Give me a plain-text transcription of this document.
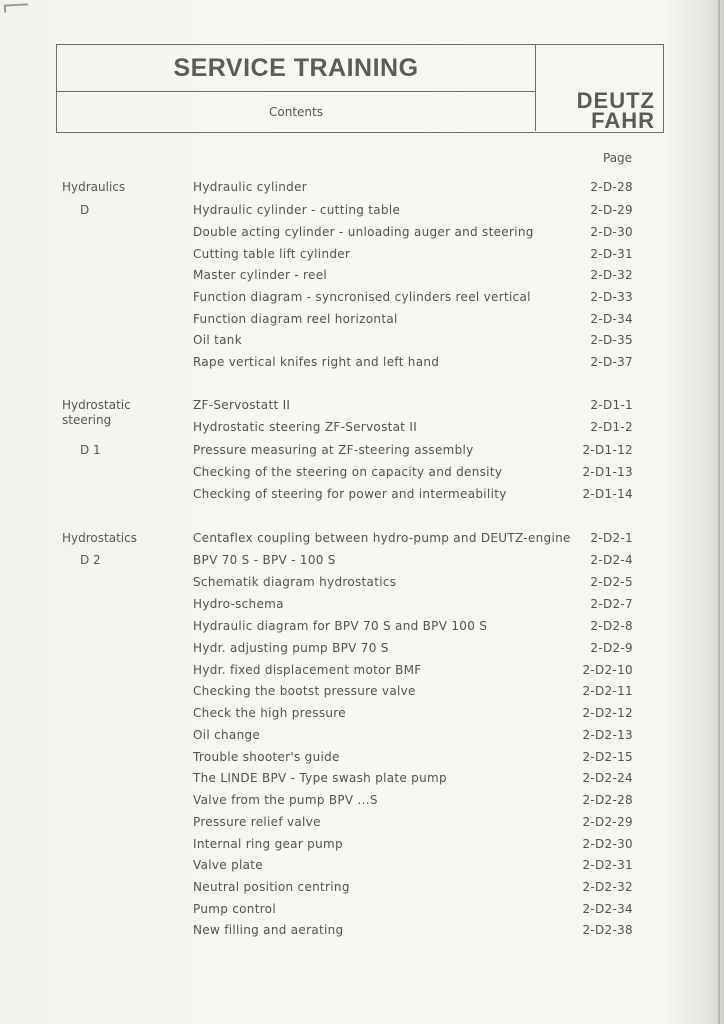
SERVICE TRAINING
Contents	DEUTZ
FAHR
Page
Hydraulics
D
Hydraulic cylinder	2-D-28
Hydraulic cylinder - cutting table	2-D-29
Double acting cylinder - unloading auger and steering	2-D-30
Cutting table lift cylinder	2-D-31
Master cylinder - reel	2-D-32
Function diagram - syncronised cylinders reel vertical	2-D-33
Function diagram reel horizontal	2-D-34
Oil tank	2-D-35
Rape vertical knifes right and left hand	2-D-37
Hydrostatic steering
D 1
ZF-Servostatt II	2-D1-1
Hydrostatic steering ZF-Servostat II	2-D1-2
Pressure measuring at ZF-steering assembly	2-D1-12
Checking of the steering on capacity and density	2-D1-13
Checking of steering for power and intermeability	2-D1-14
Hydrostatics
D 2
Centaflex coupling between hydro-pump and DEUTZ-engine 2-D2-1
BPV 70 S - BPV - 100 S	2-D2-4
Schematik diagram hydrostatics	2-D2-5
Hydro-schema	2-D2-7
Hydraulic diagram for BPV 70 S and BPV 100 S	2-D2-8
Hydr. adjusting pump BPV 70 S	2-D2-9
Hydr. fixed displacement motor BMF	2-D2-10
Checking the bootst pressure valve	2-D2-11
Check the high pressure	2-D2-12
Oil change	2-D2-13
Trouble shooter's guide	2-D2-15
The LINDE BPV - Type swash plate pump	2-D2-24
Valve from the pump BPV ...S	2-D2-28
Pressure relief valve	2-D2-29
Internal ring gear pump	2-D2-30
Valve plate	2-D2-31
Neutral position centring	2-D2-32
Pump control	2-D2-34
New filling and aerating	2-D2-38
